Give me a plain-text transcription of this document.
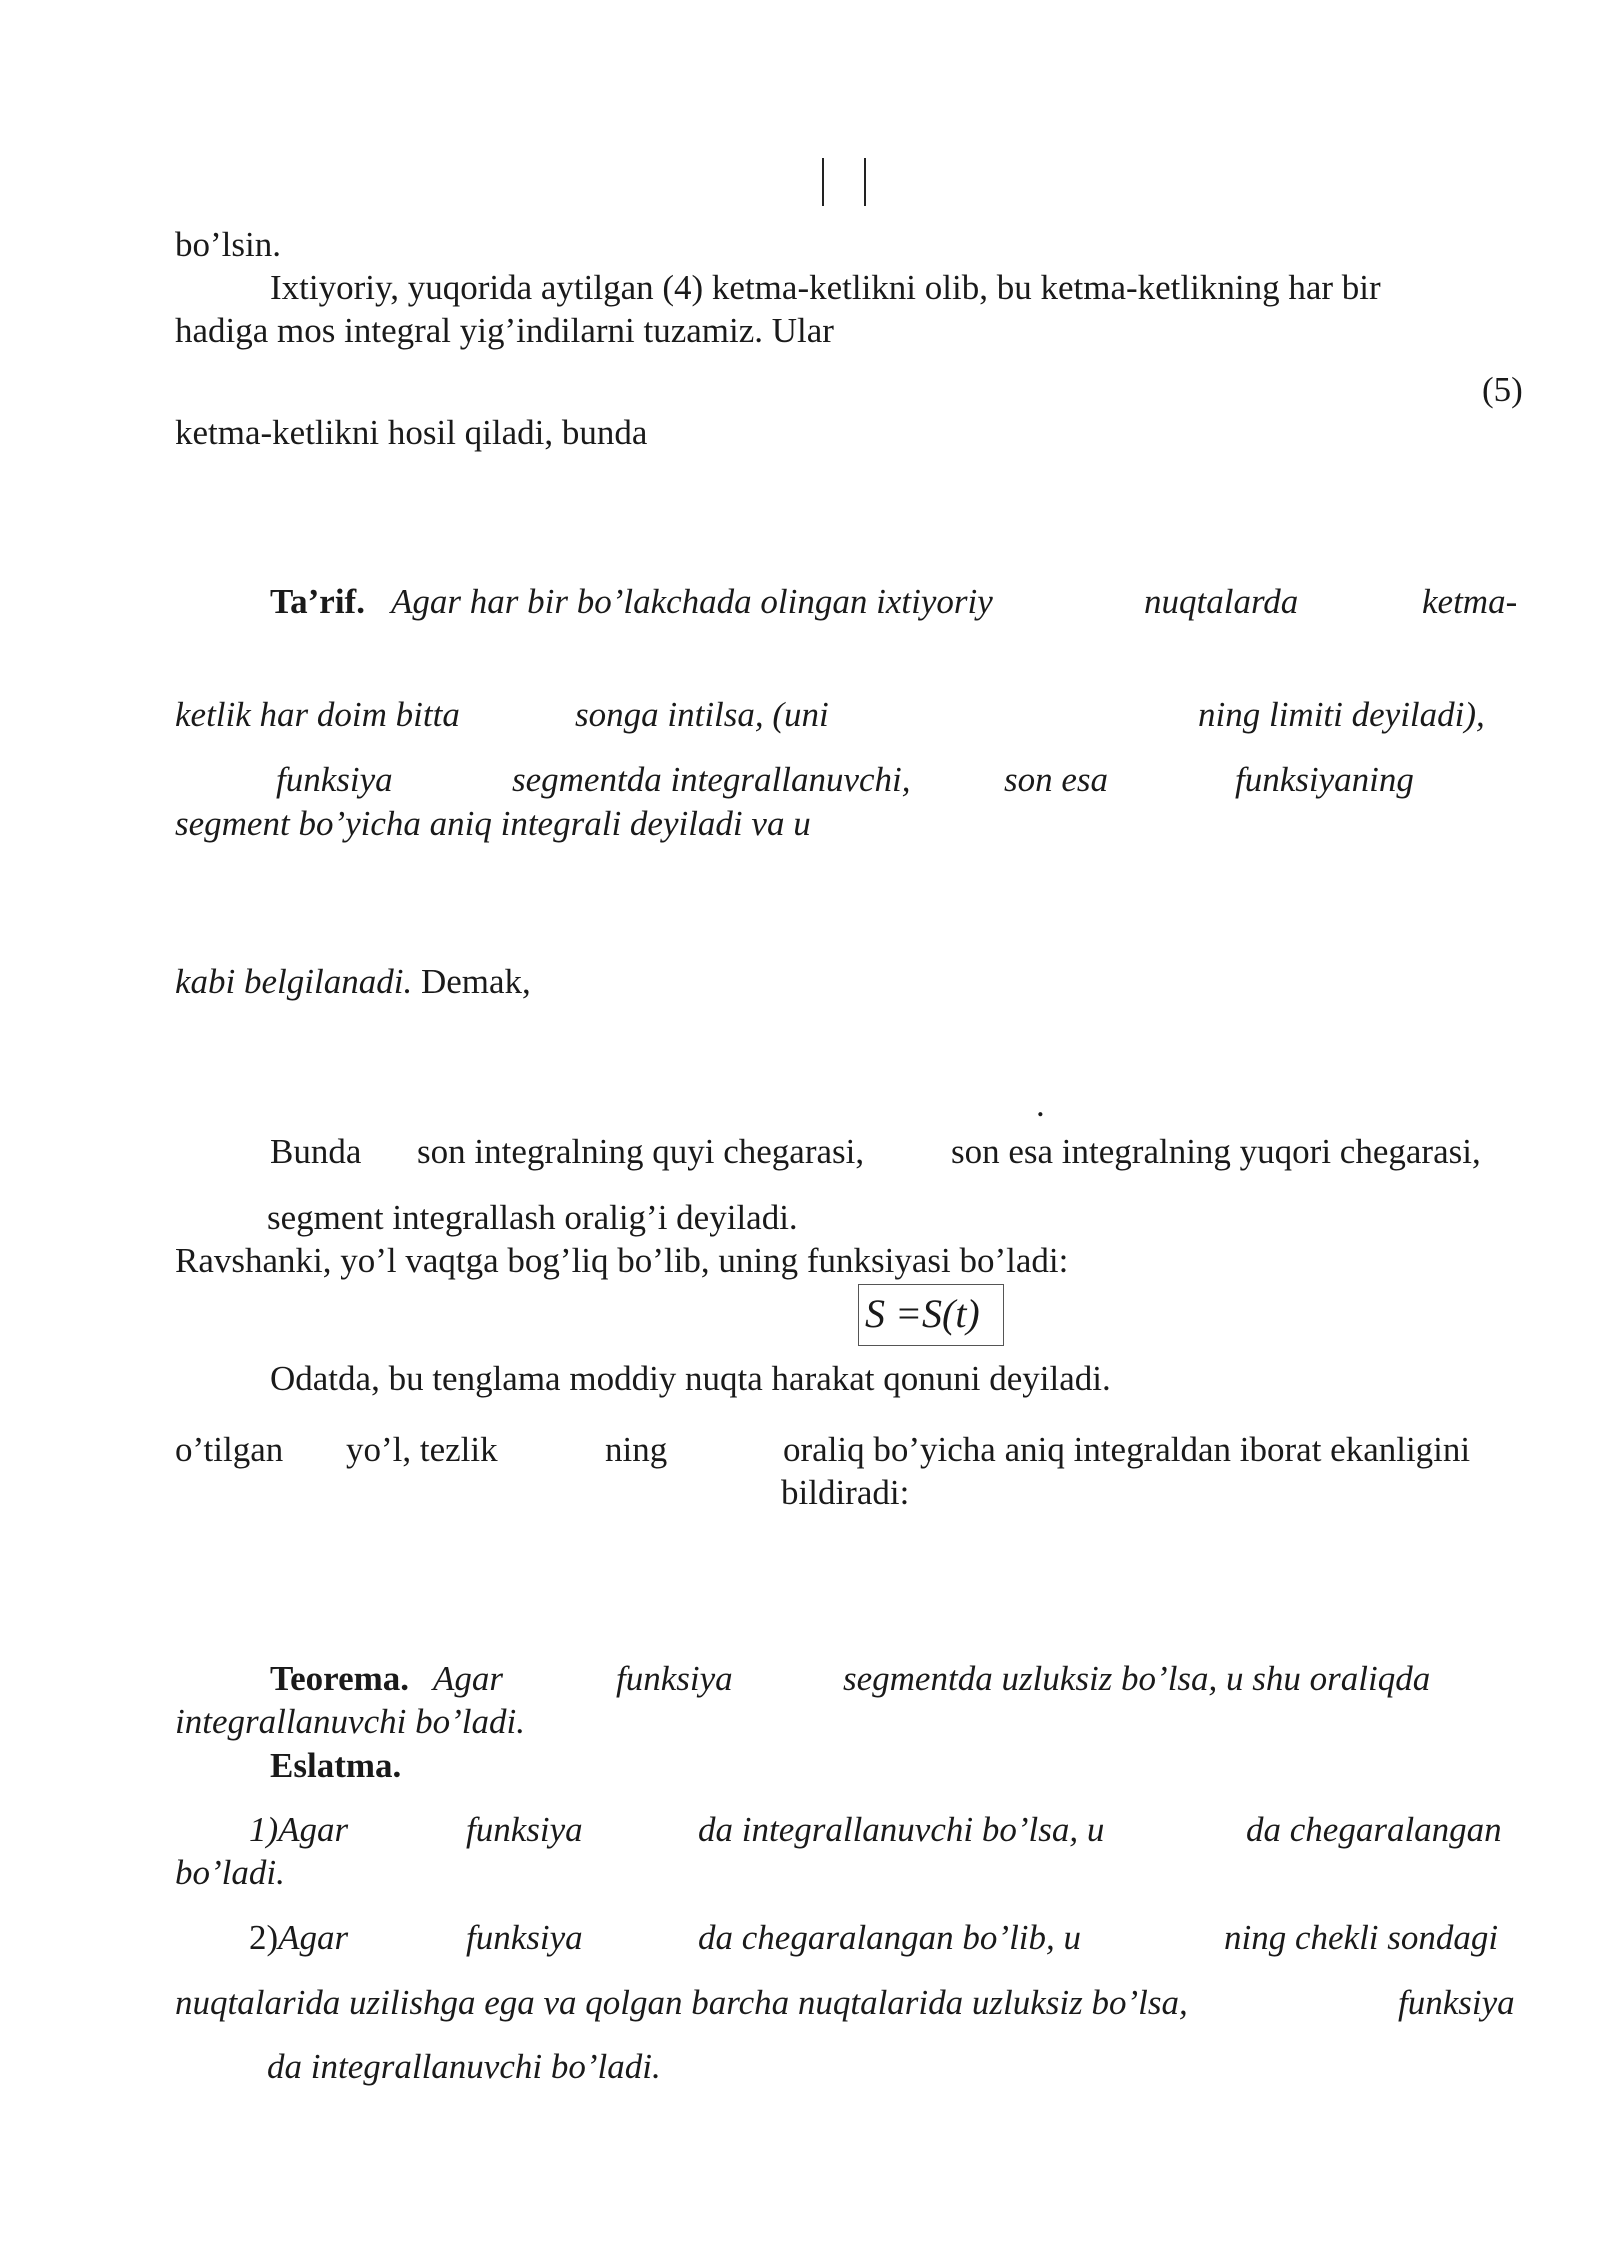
bo’lsin.
Ixtiyoriy, yuqorida aytilgan (4) ketma-ketlikni olib, bu ketma-ketlikning har bir
hadiga mos integral yig’indilarni tuzamiz. Ular
(5)
ketma-ketlikni hosil qiladi, bunda
Ta’rif. Agar har bir bo’lakchada olingan ixtiyoriy	nuqtalarda	ketma-
ketlik har doim bitta	songa intilsa, (uni	ning limiti deyiladi),
funksiya	segmentda integrallanuvchi,	son esa	funksiyaning
segment bo’yicha aniq integrali deyiladi va u
kabi belgilanadi. Demak,
.
Bunda son integralning quyi chegarasi, son esa integralning yuqori chegarasi,
segment integrallash oralig’i deyiladi.
Ravshanki, yo’l vaqtga bog’liq bo’lib, uning funksiyasi bo’ladi:
S =S(t)
Odatda, bu tenglama moddiy nuqta harakat qonuni deyiladi.
o’tilgan yo’l, tezlik	ning	oraliq bo’yicha aniq integraldan iborat ekanligini
bildiradi:
Teorema. Agar	funksiya	segmentda uzluksiz bo’lsa, u shu oraliqda
integrallanuvchi bo’ladi.
Eslatma.
1)Agar	funksiya	da integrallanuvchi bo’lsa, u	da chegaralangan
bo’ladi.
2)Agar	funksiya	da chegaralangan bo’lib, u	ning chekli sondagi
nuqtalarida uzilishga ega va qolgan barcha nuqtalarida uzluksiz bo’lsa,	funksiya
da integrallanuvchi bo’ladi.
